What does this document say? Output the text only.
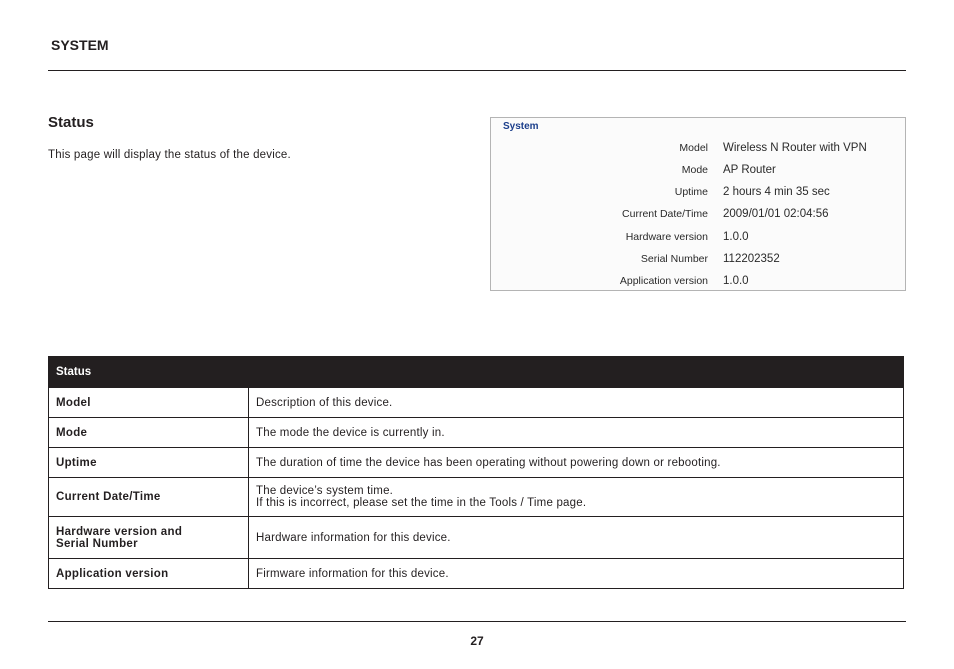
SYSTEM
Status
This page will display the status of the device.
System
Model Wireless N Router with VPN
Mode AP Router
Uptime 2 hours 4 min 35 sec
Current Date/Time 2009/01/01 02:04:56
Hardware version 1.0.0
Serial Number 112202352
Application version 1.0.0
Status	
Model	Description of this device.
Mode	The mode the device is currently in.
Uptime	The duration of time the device has been operating without powering down or rebooting.
Current Date/Time	The device’s system time.
If this is incorrect, please set the time in the Tools / Time page.

Hardware version and
Serial Number	Hardware information for this device.
Application version	Firmware information for this device.
27
